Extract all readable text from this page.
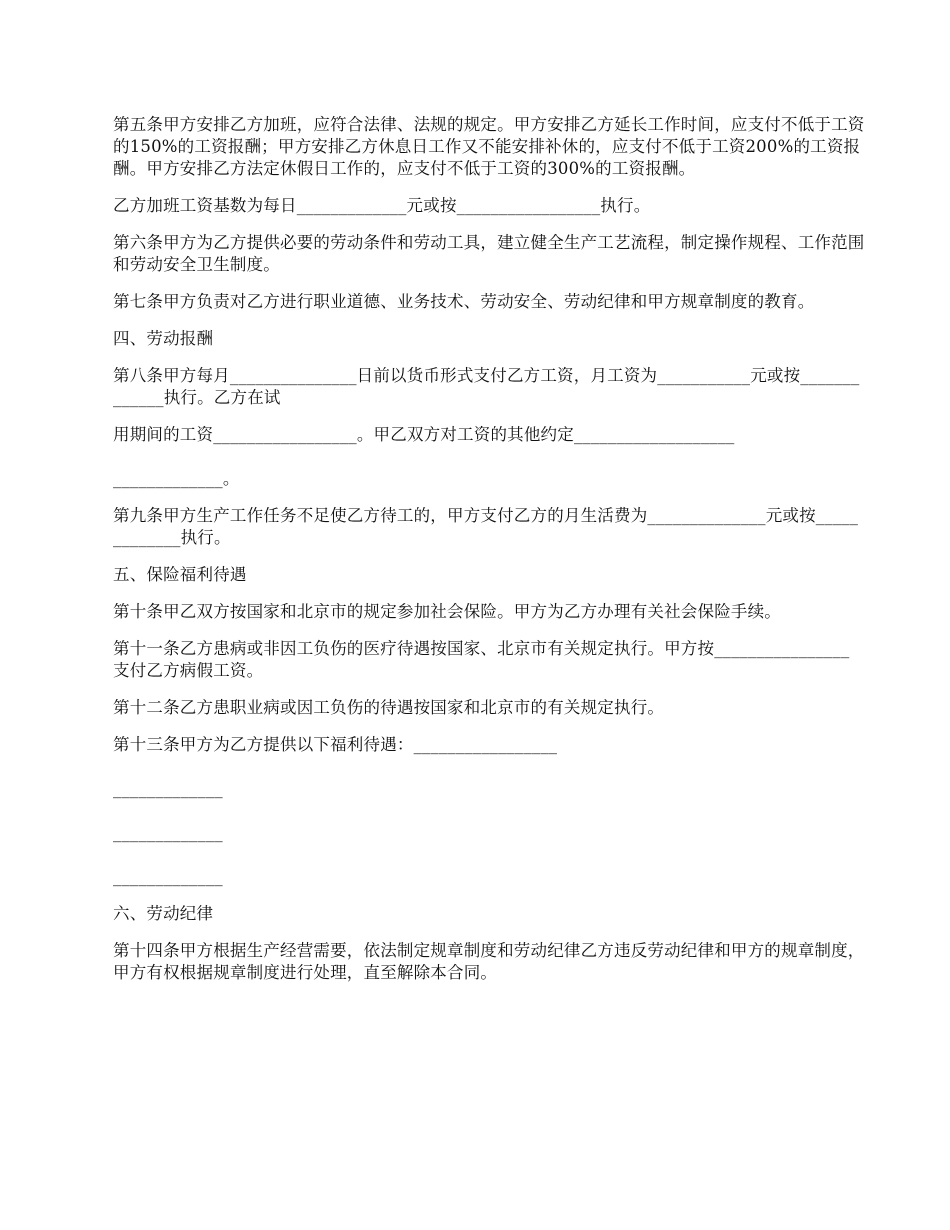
第五条甲方安排乙方加班，应符合法律、法规的规定。甲方安排乙方延长工作时间，应支付不低于工资的150%的工资报酬；甲方安排乙方休息日工作又不能安排补休的，应支付不低于工资200%的工资报酬。甲方安排乙方法定休假日工作的，应支付不低于工资的300%的工资报酬。

乙方加班工资基数为每日_____________元或按_________________执行。

第六条甲方为乙方提供必要的劳动条件和劳动工具，建立健全生产工艺流程，制定操作规程、工作范围和劳动安全卫生制度。

第七条甲方负责对乙方进行职业道德、业务技术、劳动安全、劳动纪律和甲方规章制度的教育。

四、劳动报酬

第八条甲方每月_______________日前以货币形式支付乙方工资，月工资为___________元或按_____________执行。乙方在试

用期间的工资_________________。甲乙双方对工资的其他约定___________________

_____________。

第九条甲方生产工作任务不足使乙方待工的，甲方支付乙方的月生活费为______________元或按_____________执行。

五、保险福利待遇

第十条甲乙双方按国家和北京市的规定参加社会保险。甲方为乙方办理有关社会保险手续。

第十一条乙方患病或非因工负伤的医疗待遇按国家、北京市有关规定执行。甲方按________________支付乙方病假工资。

第十二条乙方患职业病或因工负伤的待遇按国家和北京市的有关规定执行。

第十三条甲方为乙方提供以下福利待遇：_________________

_____________

_____________

_____________

六、劳动纪律

第十四条甲方根据生产经营需要，依法制定规章制度和劳动纪律乙方违反劳动纪律和甲方的规章制度，甲方有权根据规章制度进行处理，直至解除本合同。
